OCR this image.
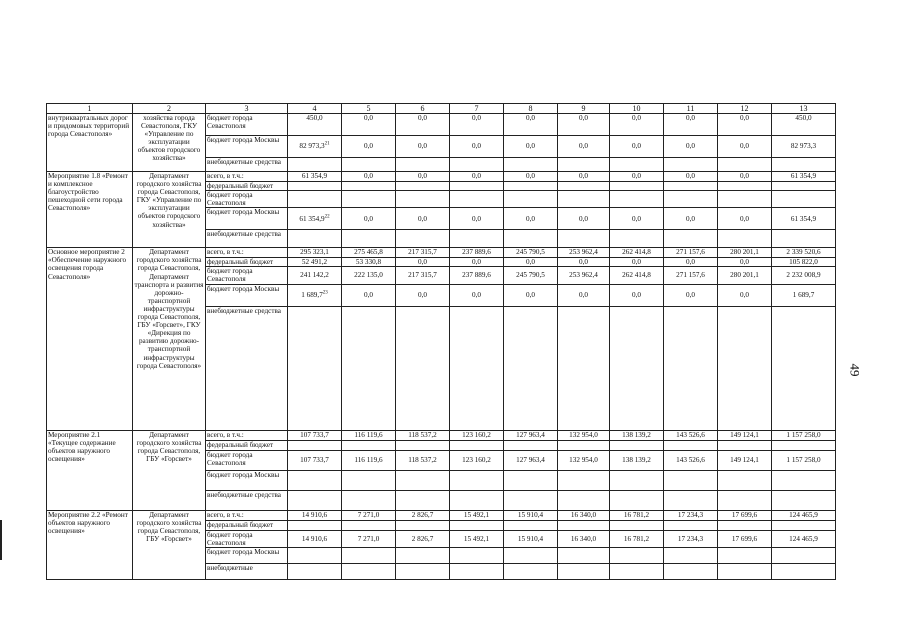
1	2	3	4	5	6	7	8	9	10	11	12	13
внутриквартальных дорог и придомовых территорий города Севастополя»	хозяйства города Севастополя, ГКУ «Управление по эксплуатации объектов городского хозяйства»	бюджет города Севастополя	450,0	0,0	0,0	0,0	0,0	0,0	0,0	0,0	0,0	450,0
		бюджет города Москвы	82 973,3$^{21}$	0,0	0,0	0,0	0,0	0,0	0,0	0,0	0,0	82 973,3
		внебюджетные средства										
Мероприятие 1.8 «Ремонт и комплексное благоустройство пешеходной сети города Севастополя»	Департамент городского хозяйства города Севастополя, ГКУ «Управление по эксплуатации объектов городского хозяйства»	всего, в т.ч.:	61 354,9	0,0	0,0	0,0	0,0	0,0	0,0	0,0	0,0	61 354,9
		федеральный бюджет										
		бюджет города Севастополя										
		бюджет города Москвы	61 354,9$^{22}$	0,0	0,0	0,0	0,0	0,0	0,0	0,0	0,0	61 354,9
		внебюджетные средства										
Основное мероприятие 2 «Обеспечение наружного освещения города Севастополя»	Департамент городского хозяйства города Севастополя, Департамент транспорта и развития дорожно-транспортной инфраструктуры города Севастополя, ГБУ «Горсвет», ГКУ «Дирекция по развитию дорожно-транспортной инфраструктуры города Севастополя»	всего, в т.ч.:	295 323,1	275 465,8	217 315,7	237 889,6	245 790,5	253 962,4	262 414,8	271 157,6	280 201,1	2 339 520,6
		федеральный бюджет	52 491,2	53 330,8	0,0	0,0	0,0	0,0	0,0	0,0	0,0	105 822,0
		бюджет города Севастополя	241 142,2	222 135,0	217 315,7	237 889,6	245 790,5	253 962,4	262 414,8	271 157,6	280 201,1	2 232 008,9
		бюджет города Москвы	1 689,7$^{23}$	0,0	0,0	0,0	0,0	0,0	0,0	0,0	0,0	1 689,7
		внебюджетные средства										
Мероприятие 2.1 «Текущее содержание объектов наружного освещения»	Департамент городского хозяйства города Севастополя, ГБУ «Горсвет»	всего, в т.ч.:	107 733,7	116 119,6	118 537,2	123 160,2	127 963,4	132 954,0	138 139,2	143 526,6	149 124,1	1 157 258,0
		федеральный бюджет										
		бюджет города Севастополя	107 733,7	116 119,6	118 537,2	123 160,2	127 963,4	132 954,0	138 139,2	143 526,6	149 124,1	1 157 258,0
		бюджет города Москвы										
		внебюджетные средства										
Мероприятие 2.2 «Ремонт объектов наружного освещения»	Департамент городского хозяйства города Севастополя, ГБУ «Горсвет»	всего, в т.ч.:	14 910,6	7 271,0	2 826,7	15 492,1	15 910,4	16 340,0	16 781,2	17 234,3	17 699,6	124 465,9
		федеральный бюджет										
		бюджет города Севастополя	14 910,6	7 271,0	2 826,7	15 492,1	15 910,4	16 340,0	16 781,2	17 234,3	17 699,6	124 465,9
		бюджет города Москвы										
		внебюджетные										
49
